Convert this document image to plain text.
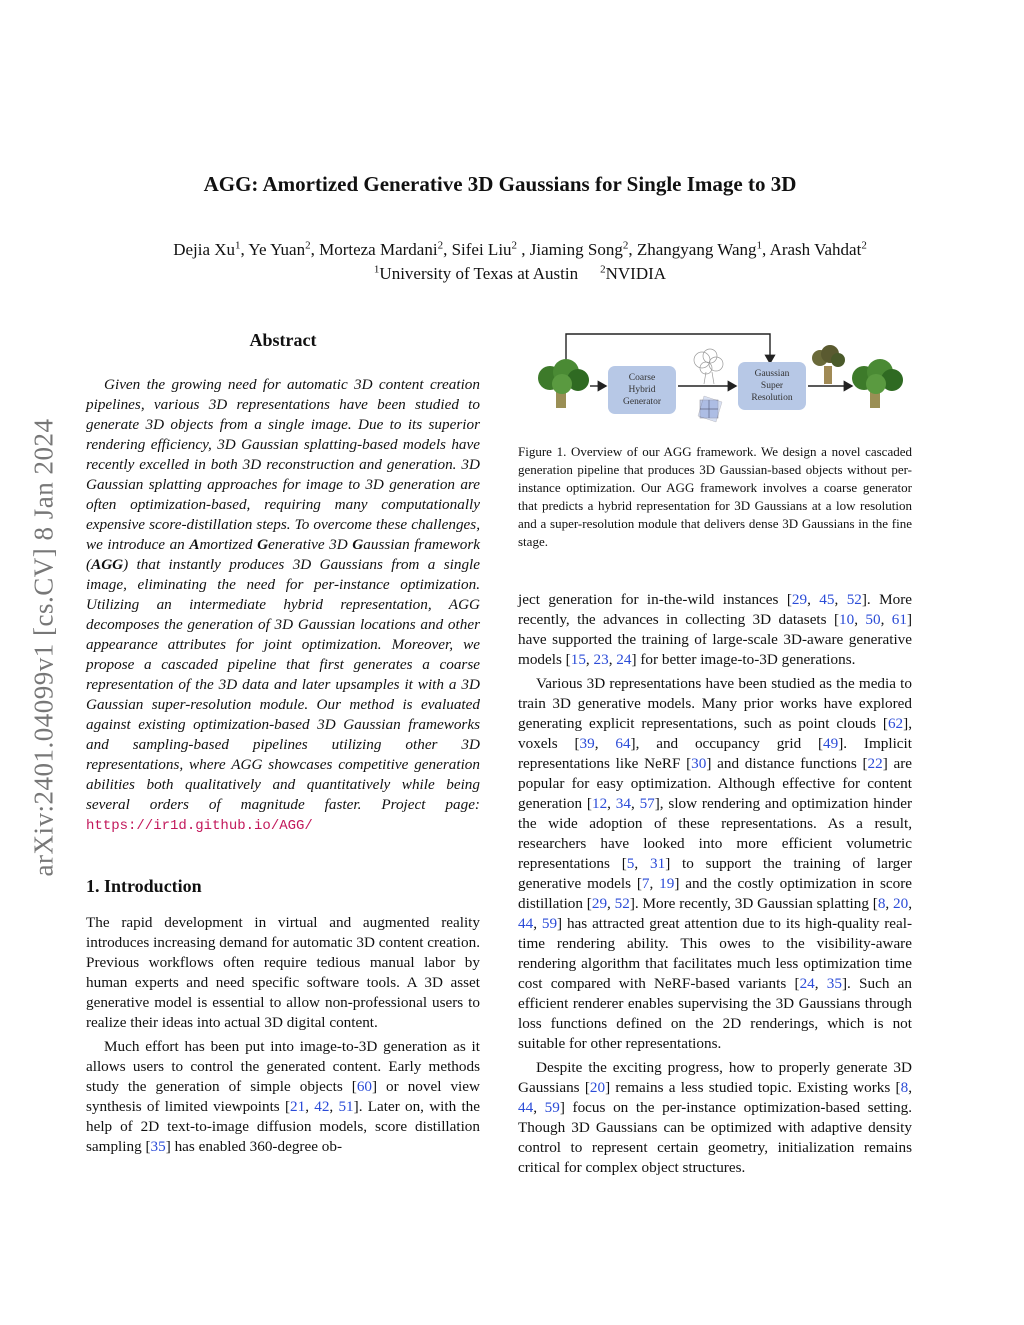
arXiv:2401.04099v1 [cs.CV] 8 Jan 2024
AGG: Amortized Generative 3D Gaussians for Single Image to 3D
Dejia Xu$^1$, Ye Yuan$^2$, Morteza Mardani$^2$, Sifei Liu$^2$ , Jiaming Song$^2$, Zhangyang Wang$^1$, Arash Vahdat$^2$
$^1$University of Texas at Austin $^2$NVIDIA
Abstract

Given the growing need for automatic 3D content creation pipelines, various 3D representations have been studied to generate 3D objects from a single image. Due to its superior rendering efficiency, 3D Gaussian splatting-based models have recently excelled in both 3D reconstruction and generation. 3D Gaussian splatting approaches for image to 3D generation are often optimization-based, requiring many computationally expensive score-distillation steps. To overcome these challenges, we introduce an Amortized Generative 3D Gaussian framework (AGG) that instantly produces 3D Gaussians from a single image, eliminating the need for per-instance optimization. Utilizing an intermediate hybrid representation, AGG decomposes the generation of 3D Gaussian locations and other appearance attributes for joint optimization. Moreover, we propose a cascaded pipeline that first generates a coarse representation of the 3D data and later upsamples it with a 3D Gaussian super-resolution module. Our method is evaluated against existing optimization-based 3D Gaussian frameworks and sampling-based pipelines utilizing other 3D representations, where AGG showcases competitive generation abilities both qualitatively and quantitatively while being several orders of magnitude faster. Project page: https://ir1d.github.io/AGG/

1. Introduction

The rapid development in virtual and augmented reality introduces increasing demand for automatic 3D content creation. Previous workflows often require tedious manual labor by human experts and need specific software tools. A 3D asset generative model is essential to allow non-professional users to realize their ideas into actual 3D digital content.

Much effort has been put into image-to-3D generation as it allows users to control the generated content. Early methods study the generation of simple objects [60] or novel view synthesis of limited viewpoints [21, 42, 51]. Later on, with the help of 2D text-to-image diffusion models, score distillation sampling [35] has enabled 360-degree ob-

Coarse
Hybrid
Generator
Gaussian
Super
Resolution

Figure 1. Overview of our AGG framework. We design a novel cascaded generation pipeline that produces 3D Gaussian-based objects without per-instance optimization. Our AGG framework involves a coarse generator that predicts a hybrid representation for 3D Gaussians at a low resolution and a super-resolution module that delivers dense 3D Gaussians in the fine stage.

ject generation for in-the-wild instances [29, 45, 52]. More recently, the advances in collecting 3D datasets [10, 50, 61] have supported the training of large-scale 3D-aware generative models [15, 23, 24] for better image-to-3D generations.

Various 3D representations have been studied as the media to train 3D generative models. Many prior works have explored generating explicit representations, such as point clouds [62], voxels [39, 64], and occupancy grid [49]. Implicit representations like NeRF [30] and distance functions [22] are popular for easy optimization. Although effective for content generation [12, 34, 57], slow rendering and optimization hinder the wide adoption of these representations. As a result, researchers have looked into more efficient volumetric representations [5, 31] to support the training of larger generative models [7, 19] and the costly optimization in score distillation [29, 52]. More recently, 3D Gaussian splatting [8, 20, 44, 59] has attracted great attention due to its high-quality real-time rendering ability. This owes to the visibility-aware rendering algorithm that facilitates much less optimization time cost compared with NeRF-based variants [24, 35]. Such an efficient renderer enables supervising the 3D Gaussians through loss functions defined on the 2D renderings, which is not suitable for other representations.

Despite the exciting progress, how to properly generate 3D Gaussians [20] remains a less studied topic. Existing works [8, 44, 59] focus on the per-instance optimization-based setting. Though 3D Gaussians can be optimized with adaptive density control to represent certain geometry, initialization remains critical for complex object structures.
